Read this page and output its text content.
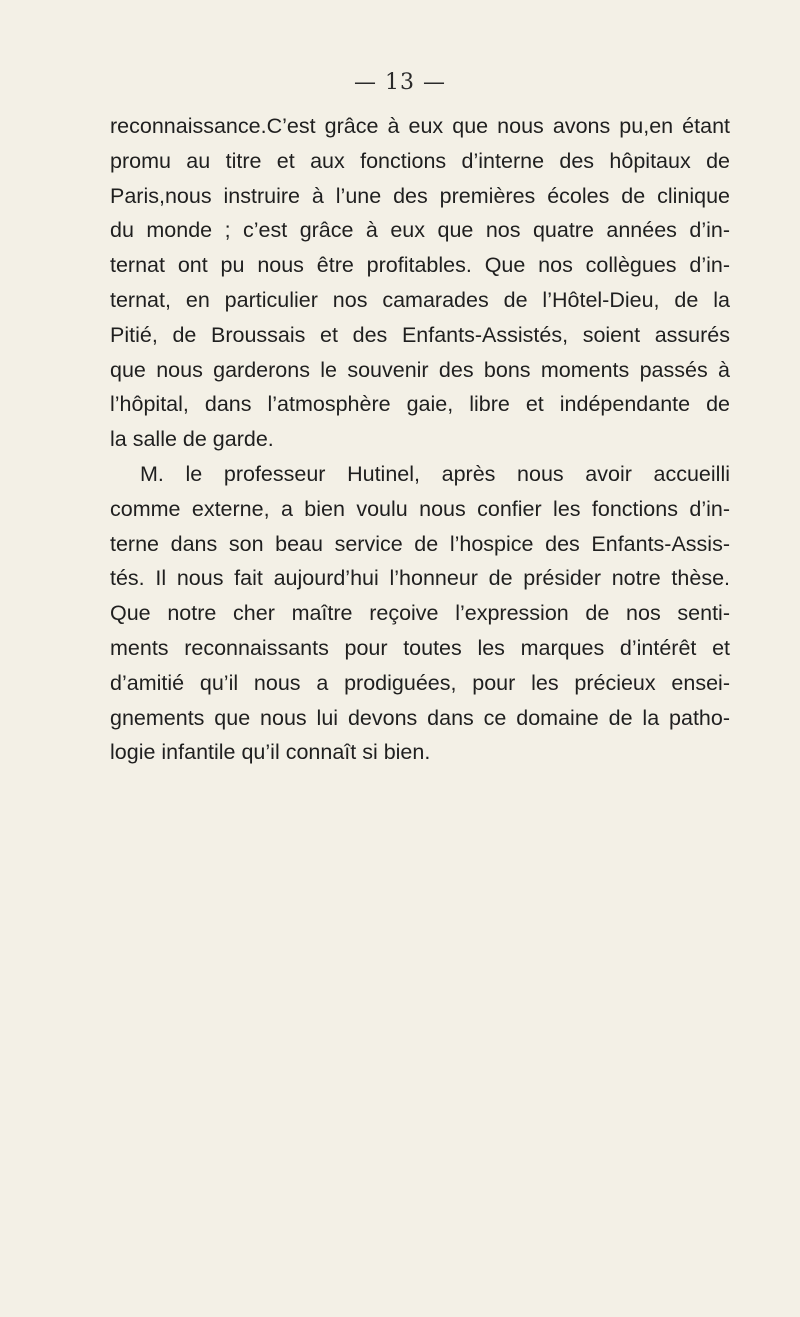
— 13 —
reconnaissance.C’est grâce à eux que nous avons pu,en étant
promu au titre et aux fonctions d’interne des hôpitaux de
Paris,nous instruire à l’une des premières écoles de clinique
du monde ; c’est grâce à eux que nos quatre années d’in-
ternat ont pu nous être profitables. Que nos collègues d’in-
ternat, en particulier nos camarades de l’Hôtel-Dieu, de la
Pitié, de Broussais et des Enfants-Assistés, soient assurés
que nous garderons le souvenir des bons moments passés à
l’hôpital, dans l’atmosphère gaie, libre et indépendante de
la salle de garde.
M. le professeur Hutinel, après nous avoir accueilli
comme externe, a bien voulu nous confier les fonctions d’in-
terne dans son beau service de l’hospice des Enfants-Assis-
tés. Il nous fait aujourd’hui l’honneur de présider notre thèse.
Que notre cher maître reçoive l’expression de nos senti-
ments reconnaissants pour toutes les marques d’intérêt et
d’amitié qu’il nous a prodiguées, pour les précieux ensei-
gnements que nous lui devons dans ce domaine de la patho-
logie infantile qu’il connaît si bien.
